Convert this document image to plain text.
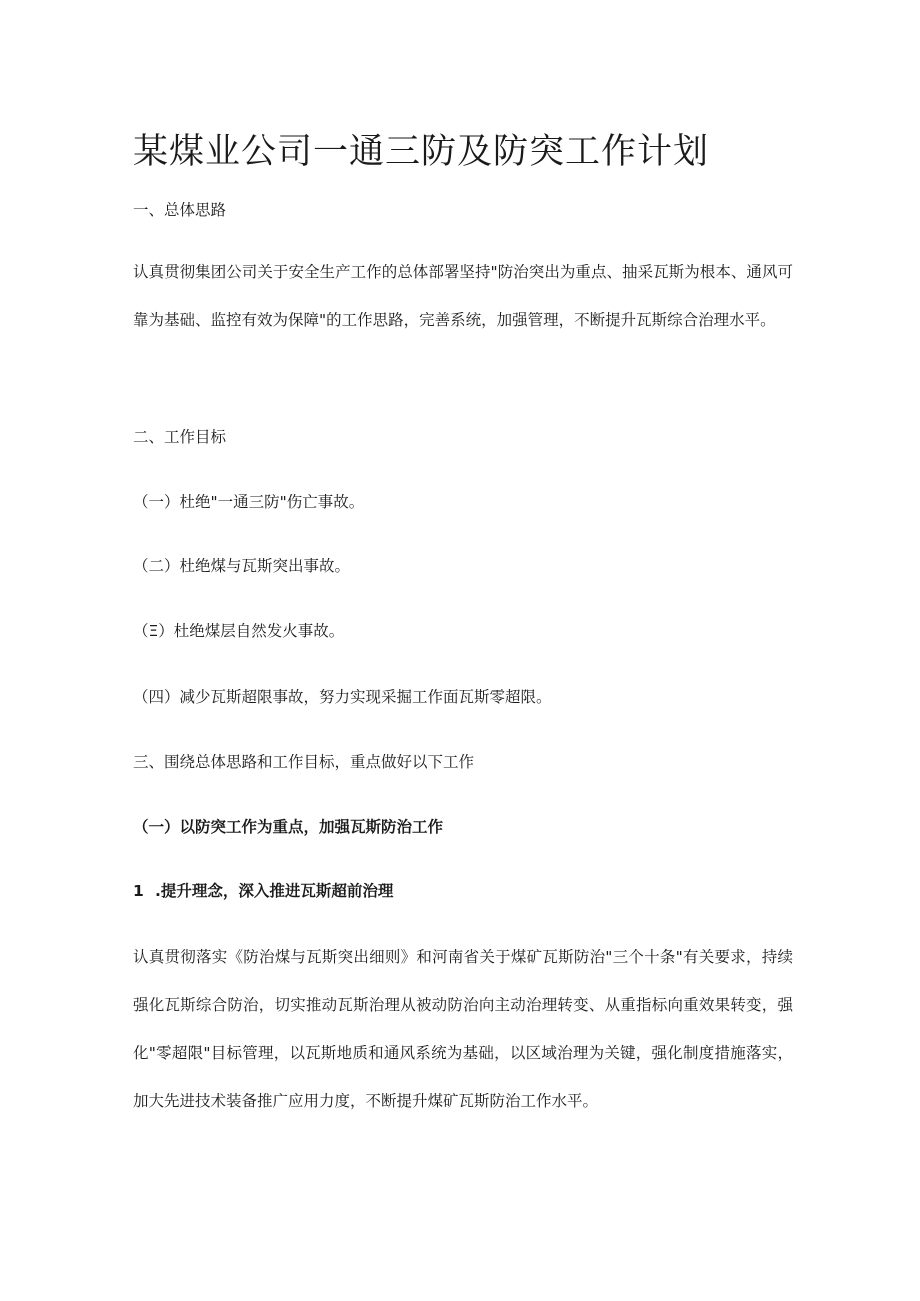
某煤业公司一通三防及防突工作计划
一、总体思路

认真贯彻集团公司关于安全生产工作的总体部署坚持"防治突出为重点、抽采瓦斯为根本、通风可靠为基础、监控有效为保障"的工作思路，完善系统，加强管理，不断提升瓦斯综合治理水平。

二、工作目标
（一）杜绝"一通三防"伤亡事故。
（二）杜绝煤与瓦斯突出事故。
（Ξ）杜绝煤层自然发火事故。
（四）减少瓦斯超限事故，努力实现采掘工作面瓦斯零超限。
三、围绕总体思路和工作目标，重点做好以下工作
（一）以防突工作为重点，加强瓦斯防治工作
1 .提升理念，深入推进瓦斯超前治理

认真贯彻落实《防治煤与瓦斯突出细则》和河南省关于煤矿瓦斯防治"三个十条"有关要求，持续强化瓦斯综合防治，切实推动瓦斯治理从被动防治向主动治理转变、从重指标向重效果转变，强化"零超限"目标管理，以瓦斯地质和通风系统为基础，以区域治理为关键，强化制度措施落实，加大先进技术装备推广应用力度，不断提升煤矿瓦斯防治工作水平。
